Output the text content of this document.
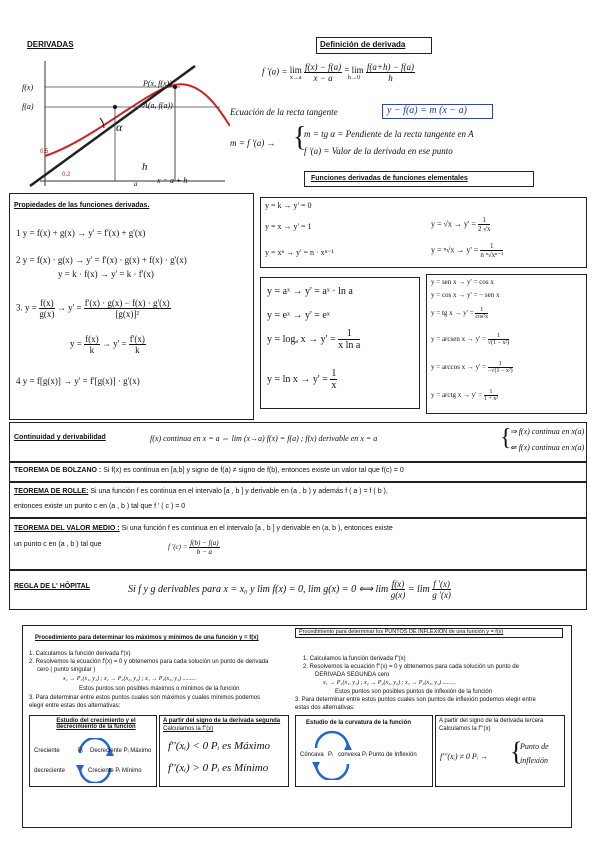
DERIVADAS	Definición de derivada
f(x)
f(a)
P(x, f(x))
A(a, f(a))
α
h
a x = a + h
0.5
0.2
f '(a) = lim
x→a
$\frac{f(x) - f(a)}{x - a} = \lim$
h→0
$\frac{f(a+h) - f(a)}{h}$
Ecuación de la recta tangente	y − f(a) = m (x − a)
m = f '(a) → {
m = tg α = Pendiente de la recta tangente en A
f '(a) = Valor de la derivada en ese punto
Funciones derivadas de funciones elementales
Propiedades de las funciones derivadas.
1 y = f(x) + g(x) → y' = f'(x) + g'(x)
2 y = f(x) · g(x) → y' = f'(x) · g(x) + f(x) · g'(x)
y = k · f(x) → y' = k · f'(x)
3. $y = \frac{f(x)}{g(x)} \to y' = \frac{f'(x) \cdot g(x) - f(x) \cdot g'(x)}{\text{[g(x)]²}}$
$y = \frac{f(x)}{k} \to y' = \frac{f'(x)}{k}$
4 y = f[g(x)] → y' = f'[g(x)] · g'(x)
y = k → y' = 0
y = x → y' = 1	$y = √x \to y' = \frac{1}{2 √x}$
y = xⁿ → y' = n · xⁿ⁻¹	$y = ^n√x \to y' = \frac{1}{\text{n ⁿ√xⁿ⁻¹}}$
y = aˣ → y' = aˣ · ln a
y = eˣ → y' = eˣ
y = logₐ $x \to y' = \frac{1}{\text{x ln a}}$
$y = \ln x \to y' = \frac{1}{x}$
y = sen x → y' = cos x
y = cos x → y' = − sen x
y = tg $x \to y' = \frac{1}{\text{cos²x}}$
y = arcsen $x \to y' = \frac{1}{\text{√(1 − x²)}}$
$y = \arccos x \to y' = \frac{1}{\text{−√(1 − x²)}}$
y = arctg $x \to y' = \frac{1}{\text{1 + x²}}$
Continuidad y derivabilidad	f(x) continua en x = a ⇔ lim (x→a) f(x) = f(a) ; f(x) derivable en x = a	{
⇒ f(x) continua en x(a)
⇍ f(x) continua en x(a)
TEOREMA DE BOLZANO : Si f(x) es continua en [a,b] y signo de f(a) ≠ signo de f(b), entonces existe un valor tal que f(c) = 0
TEOREMA DE ROLLE: Si una función f es continua en el intervalo [a , b ] y derivable en (a , b ) y además f ( a ) = f ( b ),
entonces existe un punto c en (a , b ) tal que f ' ( c ) = 0
TEOREMA DEL VALOR MEDIO : Si una función f es continua en el intervalo [a , b ] y derivable en (a, b ), entonces existe
un punto c en (a , b ) tal que	f '$(c) = \frac{f(b) - f(a)}{b - a}$
REGLA DE L' HÔPITAL	Si f y g derivables para x = x₀ y lim f(x) = 0, lim g(x) = 0 ⟺ $\lim \frac{f(x)}{g(x)} = \lim \frac{f '(x)}{g '(x)}$
Procedimiento para determinar los máximos y mínimos de una función y = f(x)
1. Calculamos la función derivada f'(x)
2. Resolvemos la ecuación f'(x) = 0 y obtenemos para cada solución un punto de derivada
cero ( punto singular )
x₁ → P₁(x₁, y₁) ; x₂ → P₂(x₂, y₂) ; x₃ → P₃(x₃, y₃) .........
Estos puntos son posibles máximos o mínimos de la función
3. Para determinar entre estos puntos cuales son máximos y cuales mínimos podemos
elegir entre estas dos alternativas:
Estudio del crecimiento y el decrecimiento de la función
Creciente	Pᵢ Decreciente Pᵢ Máximo
decreciente	Creciente Pᵢ Mínimo
A partir del signo de la derivada segunda
Calculamos la f''(x)
f''(xᵢ) < 0 Pᵢ es Máximo
f''(xᵢ) > 0 Pᵢ es Mínimo
Procedimiento para determinar los PUNTOS DE INFLEXIÓN de una función y = f(x)
1. Calculamos la función derivada f''(x)
2. Resolvemos la ecuación f''(x) = 0 y obtenemos para cada solución un punto de
DERIVADA SEGUNDA cero
x₁ → P₁(x₁, y₁) ; x₂ → P₂(x₂, y₂) ; x₃ → P₃(x₃, y₃) .........
Estos puntos son posibles puntos de inflexión de la función
3. Para determinar entre estos puntos cuales son puntos de inflexión podemos elegir entre
estas dos alternativas:
Estudio de la curvatura de la función
Cóncava Pᵢ convexa Pᵢ Punto de Inflexión
A partir del signo de la derivada tercera
Calculamos la f'''(x)
f'''(xᵢ) ≠ 0 Pᵢ → {
Punto de
inflexión
